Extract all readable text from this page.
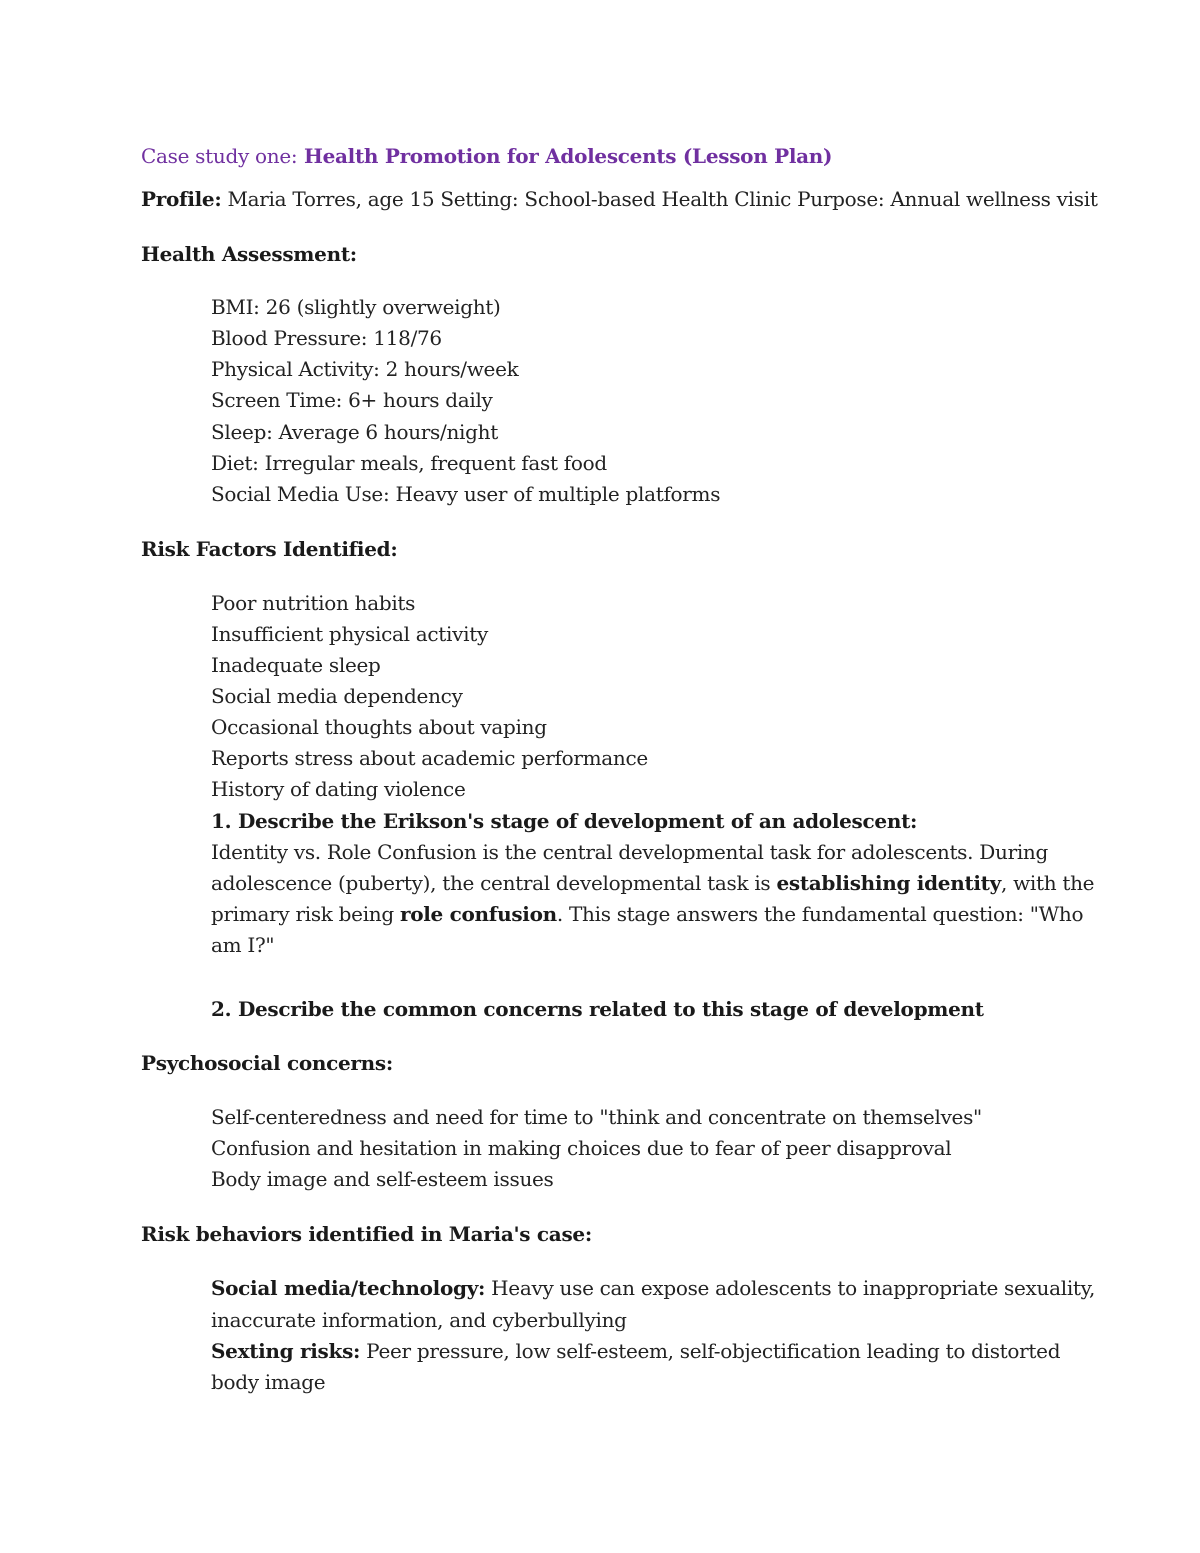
Case study one: Health Promotion for Adolescents (Lesson Plan)
Profile: Maria Torres, age 15 Setting: School-based Health Clinic Purpose: Annual wellness visit
Health Assessment:
BMI: 26 (slightly overweight)
Blood Pressure: 118/76
Physical Activity: 2 hours/week
Screen Time: 6+ hours daily
Sleep: Average 6 hours/night
Diet: Irregular meals, frequent fast food
Social Media Use: Heavy user of multiple platforms
Risk Factors Identified:
Poor nutrition habits
Insufficient physical activity
Inadequate sleep
Social media dependency
Occasional thoughts about vaping
Reports stress about academic performance
History of dating violence
1. Describe the Erikson's stage of development of an adolescent:
Identity vs. Role Confusion is the central developmental task for adolescents. During
adolescence (puberty), the central developmental task is establishing identity, with the
primary risk being role confusion. This stage answers the fundamental question: "Who
am I?"
2. Describe the common concerns related to this stage of development
Psychosocial concerns:
Self-centeredness and need for time to "think and concentrate on themselves"
Confusion and hesitation in making choices due to fear of peer disapproval
Body image and self-esteem issues
Risk behaviors identified in Maria's case:
Social media/technology: Heavy use can expose adolescents to inappropriate sexuality,
inaccurate information, and cyberbullying
Sexting risks: Peer pressure, low self-esteem, self-objectification leading to distorted
body image
